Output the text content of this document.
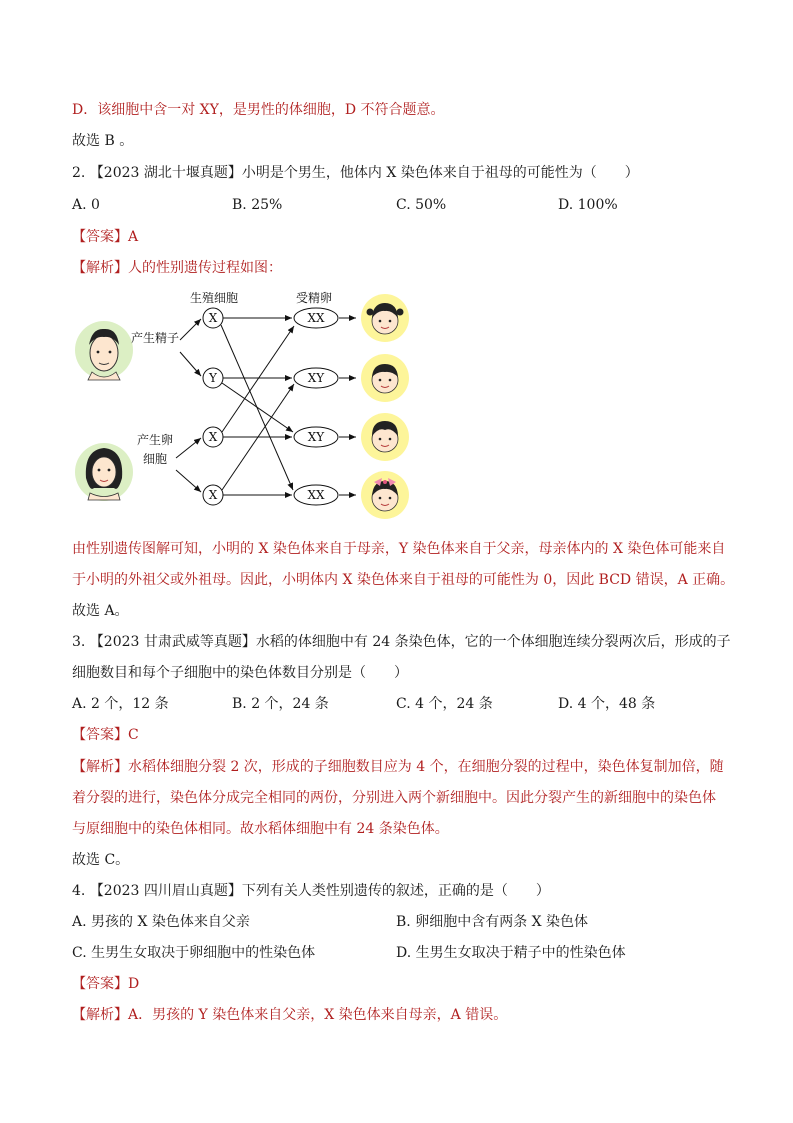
D．该细胞中含一对 XY，是男性的体细胞，D 不符合题意。
故选 B 。
2. 【2023 湖北十堰真题】小明是个男生，他体内 X 染色体来自于祖母的可能性为（　　）
A. 0	B. 25%	C. 50%	D. 100%
【答案】A
【解析】人的性别遗传过程如图：
生殖细胞	受精卵
产生精子
产生卵
细胞
X
Y
X
X
XX
XY
XY
XX
由性别遗传图解可知，小明的 X 染色体来自于母亲，Y 染色体来自于父亲，母亲体内的 X 染色体可能来自
于小明的外祖父或外祖母。因此，小明体内 X 染色体来自于祖母的可能性为 0，因此 BCD 错误，A 正确。
故选 A。
3. 【2023 甘肃武威等真题】水稻的体细胞中有 24 条染色体，它的一个体细胞连续分裂两次后，形成的子
细胞数目和每个子细胞中的染色体数目分别是（　　）
A. 2 个，12 条	B. 2 个，24 条	C. 4 个，24 条	D. 4 个，48 条
【答案】C
【解析】水稻体细胞分裂 2 次，形成的子细胞数目应为 4 个，在细胞分裂的过程中，染色体复制加倍，随
着分裂的进行，染色体分成完全相同的两份，分别进入两个新细胞中。因此分裂产生的新细胞中的染色体
与原细胞中的染色体相同。故水稻体细胞中有 24 条染色体。
故选 C。
4. 【2023 四川眉山真题】下列有关人类性别遗传的叙述，正确的是（　　）
A. 男孩的 X 染色体来自父亲	B. 卵细胞中含有两条 X 染色体
C. 生男生女取决于卵细胞中的性染色体	D. 生男生女取决于精子中的性染色体
【答案】D
【解析】A．男孩的 Y 染色体来自父亲，X 染色体来自母亲，A 错误。
